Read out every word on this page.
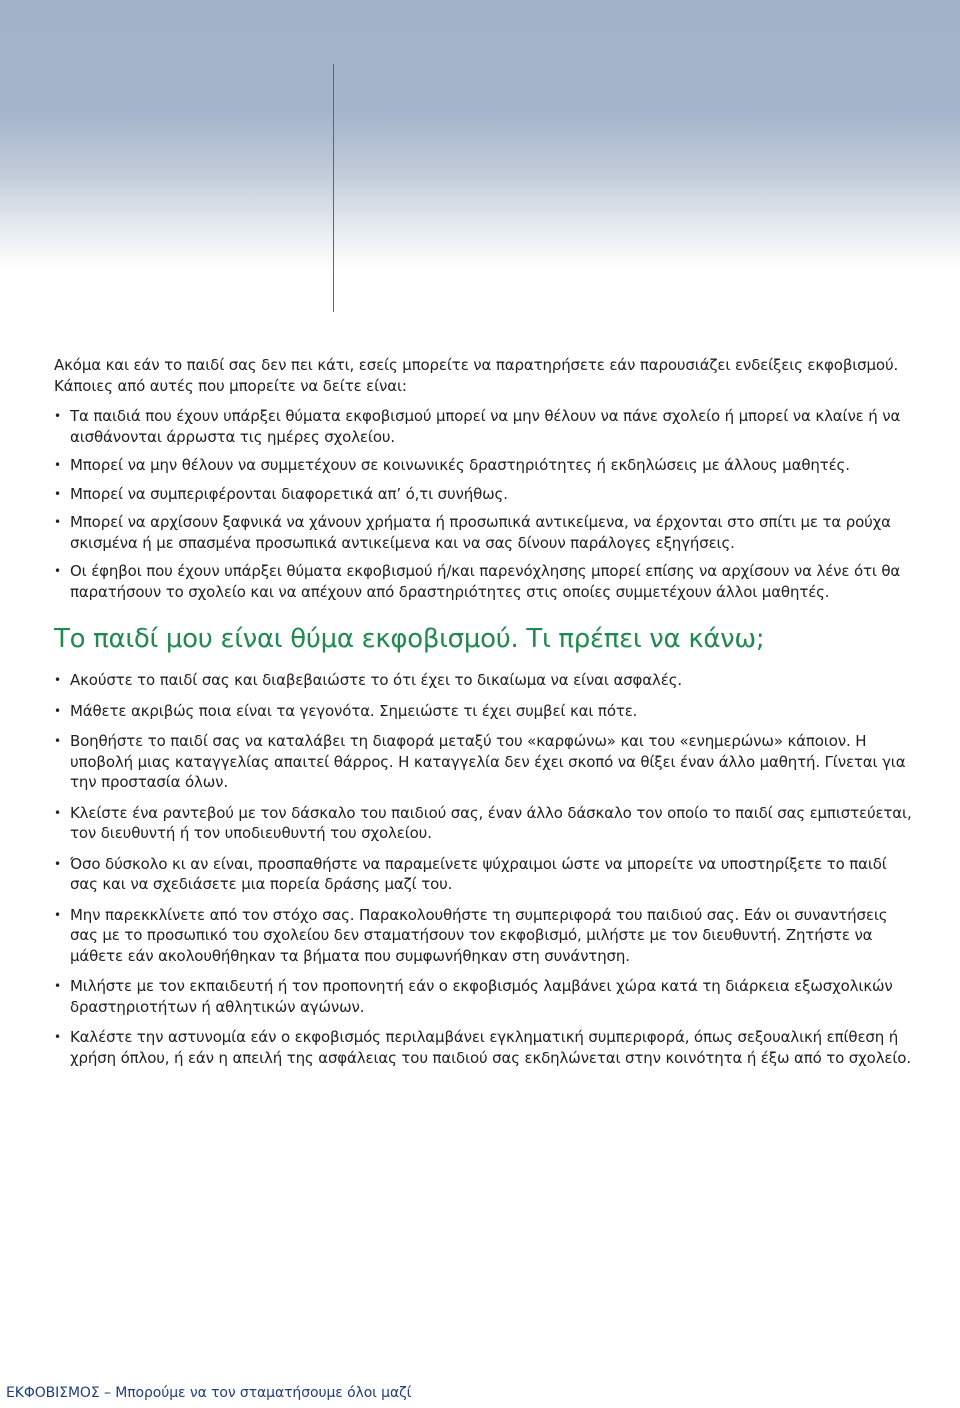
Ακόμα και εάν το παιδί σας δεν πει κάτι, εσείς μπορείτε να παρατηρήσετε εάν παρουσιάζει ενδείξεις εκφοβισμού. Κάποιες από αυτές που μπορείτε να δείτε είναι:

• Τα παιδιά που έχουν υπάρξει θύματα εκφοβισμού μπορεί να μην θέλουν να πάνε σχολείο ή μπορεί να κλαίνε ή να αισθάνονται άρρωστα τις ημέρες σχολείου.
• Μπορεί να μην θέλουν να συμμετέχουν σε κοινωνικές δραστηριότητες ή εκδηλώσεις με άλλους μαθητές.
• Μπορεί να συμπεριφέρονται διαφορετικά απ’ ό,τι συνήθως.
• Μπορεί να αρχίσουν ξαφνικά να χάνουν χρήματα ή προσωπικά αντικείμενα, να έρχονται στο σπίτι με τα ρούχα σκισμένα ή με σπασμένα προσωπικά αντικείμενα και να σας δίνουν παράλογες εξηγήσεις.
• Οι έφηβοι που έχουν υπάρξει θύματα εκφοβισμού ή/και παρενόχλησης μπορεί επίσης να αρχίσουν να λένε ότι θα παρατήσουν το σχολείο και να απέχουν από δραστηριότητες στις οποίες συμμετέχουν άλλοι μαθητές.
Το παιδί μου είναι θύμα εκφοβισμού. Τι πρέπει να κάνω;
• Ακούστε το παιδί σας και διαβεβαιώστε το ότι έχει το δικαίωμα να είναι ασφαλές.
• Μάθετε ακριβώς ποια είναι τα γεγονότα. Σημειώστε τι έχει συμβεί και πότε.
• Βοηθήστε το παιδί σας να καταλάβει τη διαφορά μεταξύ του «καρφώνω» και του «ενημερώνω» κάποιον. Η υποβολή μιας καταγγελίας απαιτεί θάρρος. Η καταγγελία δεν έχει σκοπό να θίξει έναν άλλο μαθητή. Γίνεται για την προστασία όλων.
• Κλείστε ένα ραντεβού με τον δάσκαλο του παιδιού σας, έναν άλλο δάσκαλο τον οποίο το παιδί σας εμπιστεύεται, τον διευθυντή ή τον υποδιευθυντή του σχολείου.
• Όσο δύσκολο κι αν είναι, προσπαθήστε να παραμείνετε ψύχραιμοι ώστε να μπορείτε να υποστηρίξετε το παιδί σας και να σχεδιάσετε μια πορεία δράσης μαζί του.
• Μην παρεκκλίνετε από τον στόχο σας. Παρακολουθήστε τη συμπεριφορά του παιδιού σας. Εάν οι συναντήσεις σας με το προσωπικό του σχολείου δεν σταματήσουν τον εκφοβισμό, μιλήστε με τον διευθυντή. Ζητήστε να μάθετε εάν ακολουθήθηκαν τα βήματα που συμφωνήθηκαν στη συνάντηση.
• Μιλήστε με τον εκπαιδευτή ή τον προπονητή εάν ο εκφοβισμός λαμβάνει χώρα κατά τη διάρκεια εξωσχολικών δραστηριοτήτων ή αθλητικών αγώνων.
• Καλέστε την αστυνομία εάν ο εκφοβισμός περιλαμβάνει εγκληματική συμπεριφορά, όπως σεξουαλική επίθεση ή χρήση όπλου, ή εάν η απειλή της ασφάλειας του παιδιού σας εκδηλώνεται στην κοινότητα ή έξω από το σχολείο.
ΕΚΦΟΒΙΣΜΟΣ – Μπορούμε να τον σταματήσουμε όλοι μαζί
